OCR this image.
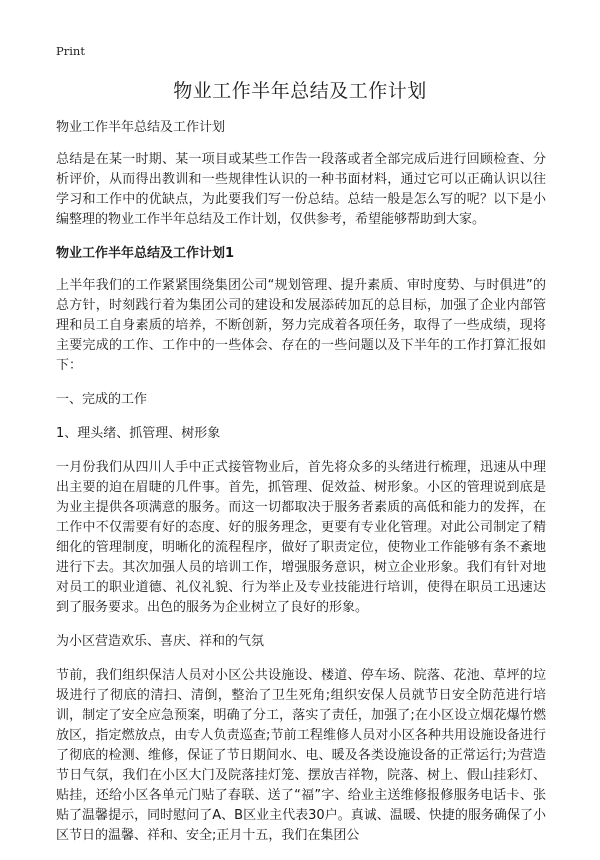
Print
物业工作半年总结及工作计划

物业工作半年总结及工作计划

总结是在某一时期、某一项目或某些工作告一段落或者全部完成后进行回顾检查、分析评价，从而得出教训和一些规律性认识的一种书面材料，通过它可以正确认识以往学习和工作中的优缺点，为此要我们写一份总结。总结一般是怎么写的呢？以下是小编整理的物业工作半年总结及工作计划，仅供参考，希望能够帮助到大家。

物业工作半年总结及工作计划1

上半年我们的工作紧紧围绕集团公司“规划管理、提升素质、审时度势、与时俱进”的总方针，时刻践行着为集团公司的建设和发展添砖加瓦的总目标，加强了企业内部管理和员工自身素质的培养，不断创新，努力完成着各项任务，取得了一些成绩，现将主要完成的工作、工作中的一些体会、存在的一些问题以及下半年的工作打算汇报如下：

一、完成的工作

1、理头绪、抓管理、树形象

一月份我们从四川人手中正式接管物业后，首先将众多的头绪进行梳理，迅速从中理出主要的迫在眉睫的几件事。首先，抓管理、促效益、树形象。小区的管理说到底是为业主提供各项满意的服务。而这一切都取决于服务者素质的高低和能力的发挥，在工作中不仅需要有好的态度、好的服务理念，更要有专业化管理。对此公司制定了精细化的管理制度，明晰化的流程程序，做好了职责定位，使物业工作能够有条不紊地进行下去。其次加强人员的培训工作，增强服务意识，树立企业形象。我们有针对地对员工的职业道德、礼仪礼貌、行为举止及专业技能进行培训，使得在职员工迅速达到了服务要求。出色的服务为企业树立了良好的形象。

为小区营造欢乐、喜庆、祥和的气氛

节前，我们组织保洁人员对小区公共设施设、楼道、停车场、院落、花池、草坪的垃圾进行了彻底的清扫、清倒，整治了卫生死角;组织安保人员就节日安全防范进行培训，制定了安全应急预案，明确了分工，落实了责任，加强了;在小区设立烟花爆竹燃放区，指定燃放点，由专人负责巡查;节前工程维修人员对小区各种共用设施设备进行了彻底的检测、维修，保证了节日期间水、电、暖及各类设施设备的正常运行;为营造节日气氛，我们在小区大门及院落挂灯笼、摆放吉祥物，院落、树上、假山挂彩灯、贴挂，还给小区各单元门贴了春联、送了“福”字、给业主送维修报修服务电话卡、张贴了温馨提示，同时慰问了A、B区业主代表30户。真诚、温暖、快捷的服务确保了小区节日的温馨、祥和、安全;正月十五，我们在集团公
